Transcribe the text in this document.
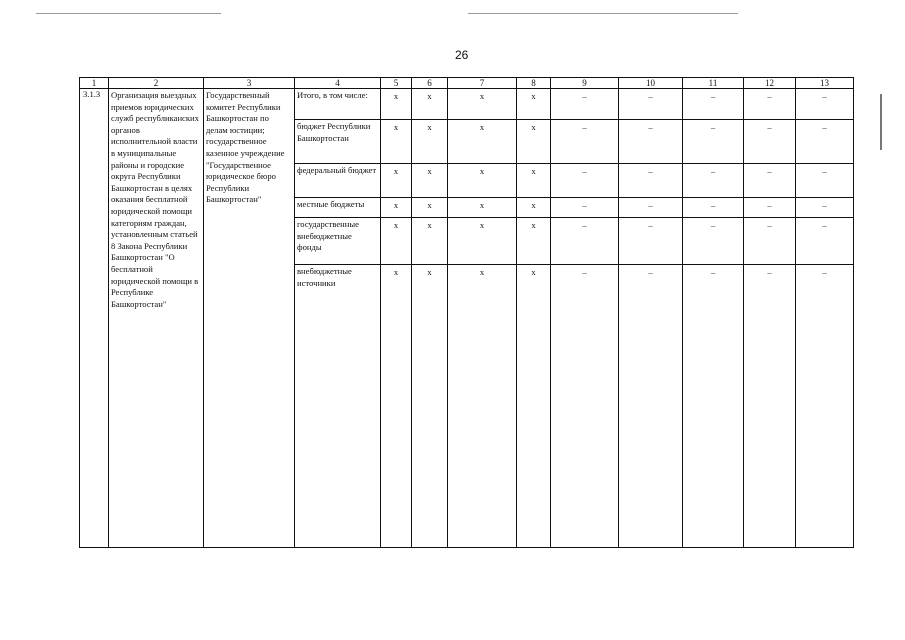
26
1	2	3	4	5	6	7	8	9	10	11	12	13
3.1.3	Организация выездных приемов юридических служб республиканских органов исполнительной власти в муниципальные районы и городские округа Республики Башкортостан в целях оказания бесплатной юридической помощи категориям граждан, установленным статьей 8 Закона Республики Башкортостан "О бесплатной юридической помощи в Республике Башкортостан"	Государственный комитет Республики Башкортостан по делам юстиции; государственное казенное учреждение "Государственное юридическое бюро Республики Башкортостан"	Итого, в том числе:	x	x	x	x	–	–	–	–	–
			бюджет Республики Башкортостан	x	x	x	x	–	–	–	–	–
			федеральный бюджет	x	x	x	x	–	–	–	–	–
			местные бюджеты	x	x	x	x	–	–	–	–	–
			государственные внебюджетные фонды	x	x	x	x	–	–	–	–	–
			внебюджетные источники	x	x	x	x	–	–	–	–	–
